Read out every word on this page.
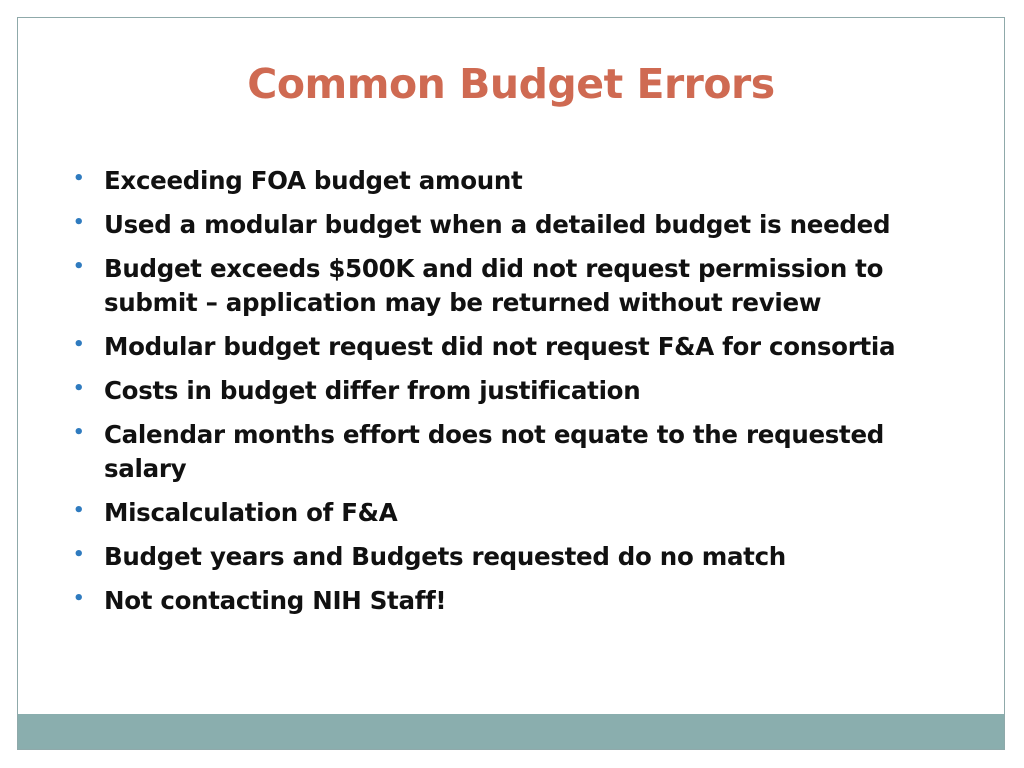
Common Budget Errors
• Exceeding FOA budget amount
• Used a modular budget when a detailed budget is needed
• Budget exceeds $500K and did not request permission to submit – application may be returned without review
• Modular budget request did not request F&A for consortia
• Costs in budget differ from justification
• Calendar months effort does not equate to the requested salary
• Miscalculation of F&A
• Budget years and Budgets requested do no match
• Not contacting NIH Staff!
